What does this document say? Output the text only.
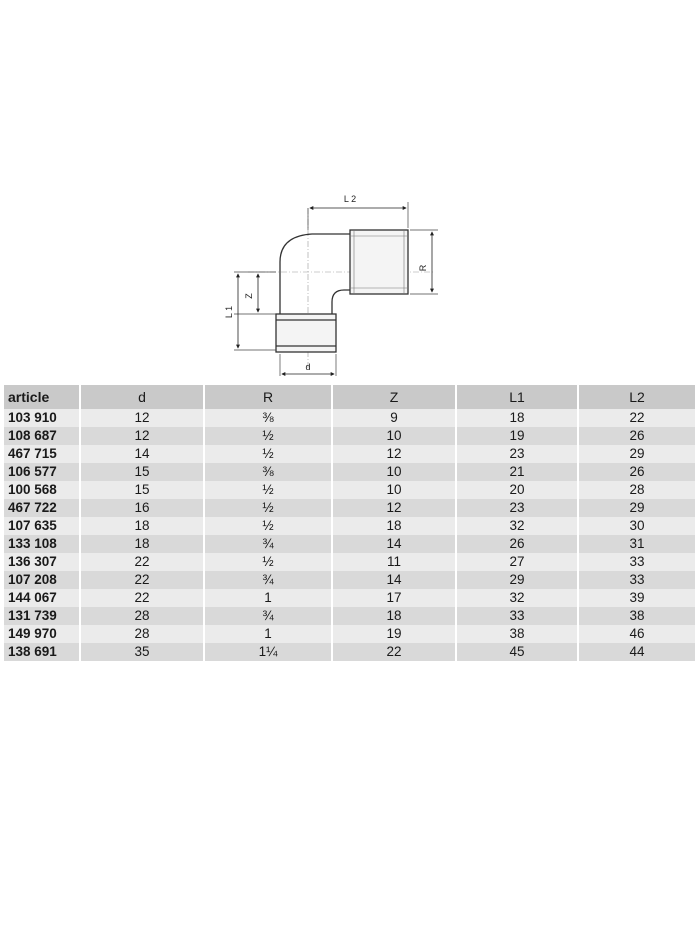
L 2
R
Z
L 1
d
article	d	R	Z	L1	L2
103 910	12	⅜	9	18	22
108 687	12	½	10	19	26
467 715	14	½	12	23	29
106 577	15	⅜	10	21	26
100 568	15	½	10	20	28
467 722	16	½	12	23	29
107 635	18	½	18	32	30
133 108	18	¾	14	26	31
136 307	22	½	11	27	33
107 208	22	¾	14	29	33
144 067	22	1	17	32	39
131 739	28	¾	18	33	38
149 970	28	1	19	38	46
138 691	35	1¼	22	45	44
